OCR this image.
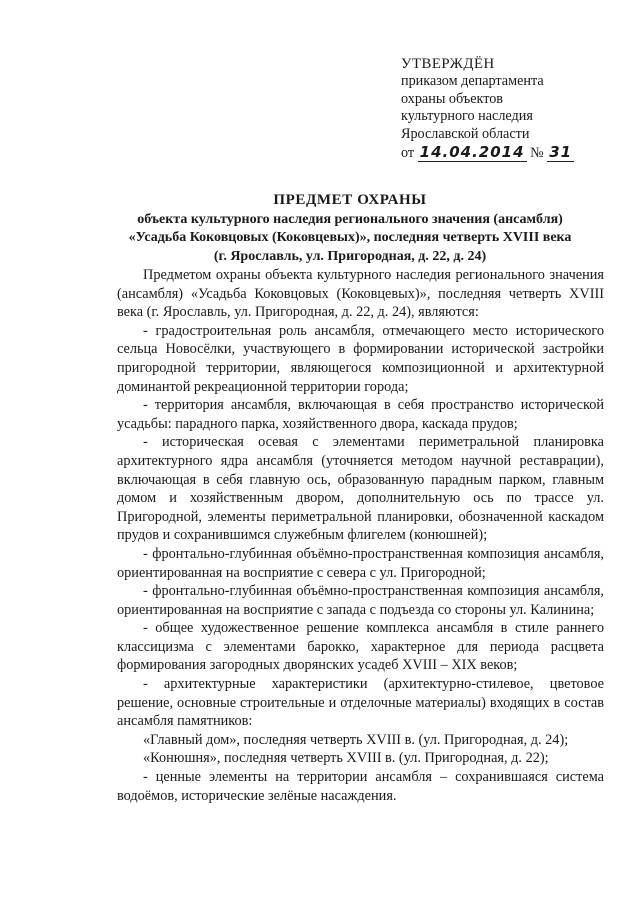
УТВЕРЖДЁН
приказом департамента
охраны объектов
культурного наследия
Ярославской области
от 14.04.2014 № 31
ПРЕДМЕТ ОХРАНЫ
объекта культурного наследия регионального значения (ансамбля)
«Усадьба Коковцовых (Коковцевых)», последняя четверть XVIII века
(г. Ярославль, ул. Пригородная, д. 22, д. 24)

Предметом охраны объекта культурного наследия регионального значения (ансамбля) «Усадьба Коковцовых (Коковцевых)», последняя четверть XVIII века (г. Ярославль, ул. Пригородная, д. 22, д. 24), являются:

- градостроительная роль ансамбля, отмечающего место исторического сельца Новосёлки, участвующего в формировании исторической застройки пригородной территории, являющегося композиционной и архитектурной доминантой рекреационной территории города;

- территория ансамбля, включающая в себя пространство исторической усадьбы: парадного парка, хозяйственного двора, каскада прудов;

- историческая осевая с элементами периметральной планировка архитектурного ядра ансамбля (уточняется методом научной реставрации), включающая в себя главную ось, образованную парадным парком, главным домом и хозяйственным двором, дополнительную ось по трассе ул. Пригородной, элементы периметральной планировки, обозначенной каскадом прудов и сохранившимся служебным флигелем (конюшней);

- фронтально-глубинная объёмно-пространственная композиция ансамбля, ориентированная на восприятие с севера с ул. Пригородной;

- фронтально-глубинная объёмно-пространственная композиция ансамбля, ориентированная на восприятие с запада с подъезда со стороны ул. Калинина;

- общее художественное решение комплекса ансамбля в стиле раннего классицизма с элементами барокко, характерное для периода расцвета формирования загородных дворянских усадеб XVIII – XIX веков;

- архитектурные характеристики (архитектурно-стилевое, цветовое решение, основные строительные и отделочные материалы) входящих в состав ансамбля памятников:

«Главный дом», последняя четверть XVIII в. (ул. Пригородная, д. 24);

«Конюшня», последняя четверть XVIII в. (ул. Пригородная, д. 22);

- ценные элементы на территории ансамбля – сохранившаяся система водоёмов, исторические зелёные насаждения.
